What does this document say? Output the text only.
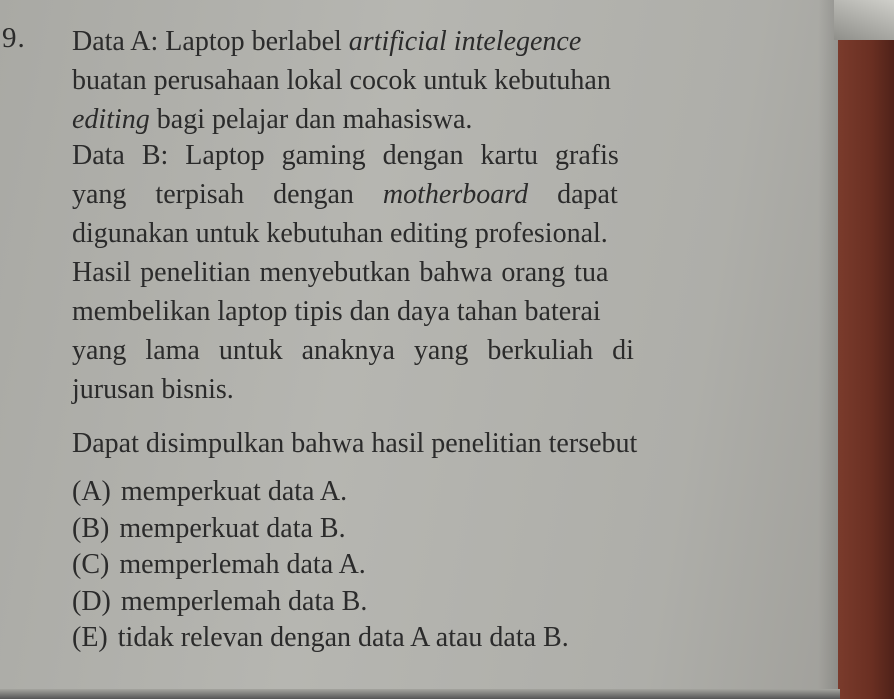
9. Data A: Laptop berlabel artificial intelegence
buatan perusahaan lokal cocok untuk kebutuhan
editing bagi pelajar dan mahasiswa.
Data B: Laptop gaming dengan kartu grafis
yang terpisah dengan motherboard dapat
digunakan untuk kebutuhan editing profesional.
Hasil penelitian menyebutkan bahwa orang tua
membelikan laptop tipis dan daya tahan baterai
yang lama untuk anaknya yang berkuliah di
jurusan bisnis.
Dapat disimpulkan bahwa hasil penelitian tersebut
(A) memperkuat data A.
(B) memperkuat data B.
(C) memperlemah data A.
(D) memperlemah data B.
(E) tidak relevan dengan data A atau data B.
